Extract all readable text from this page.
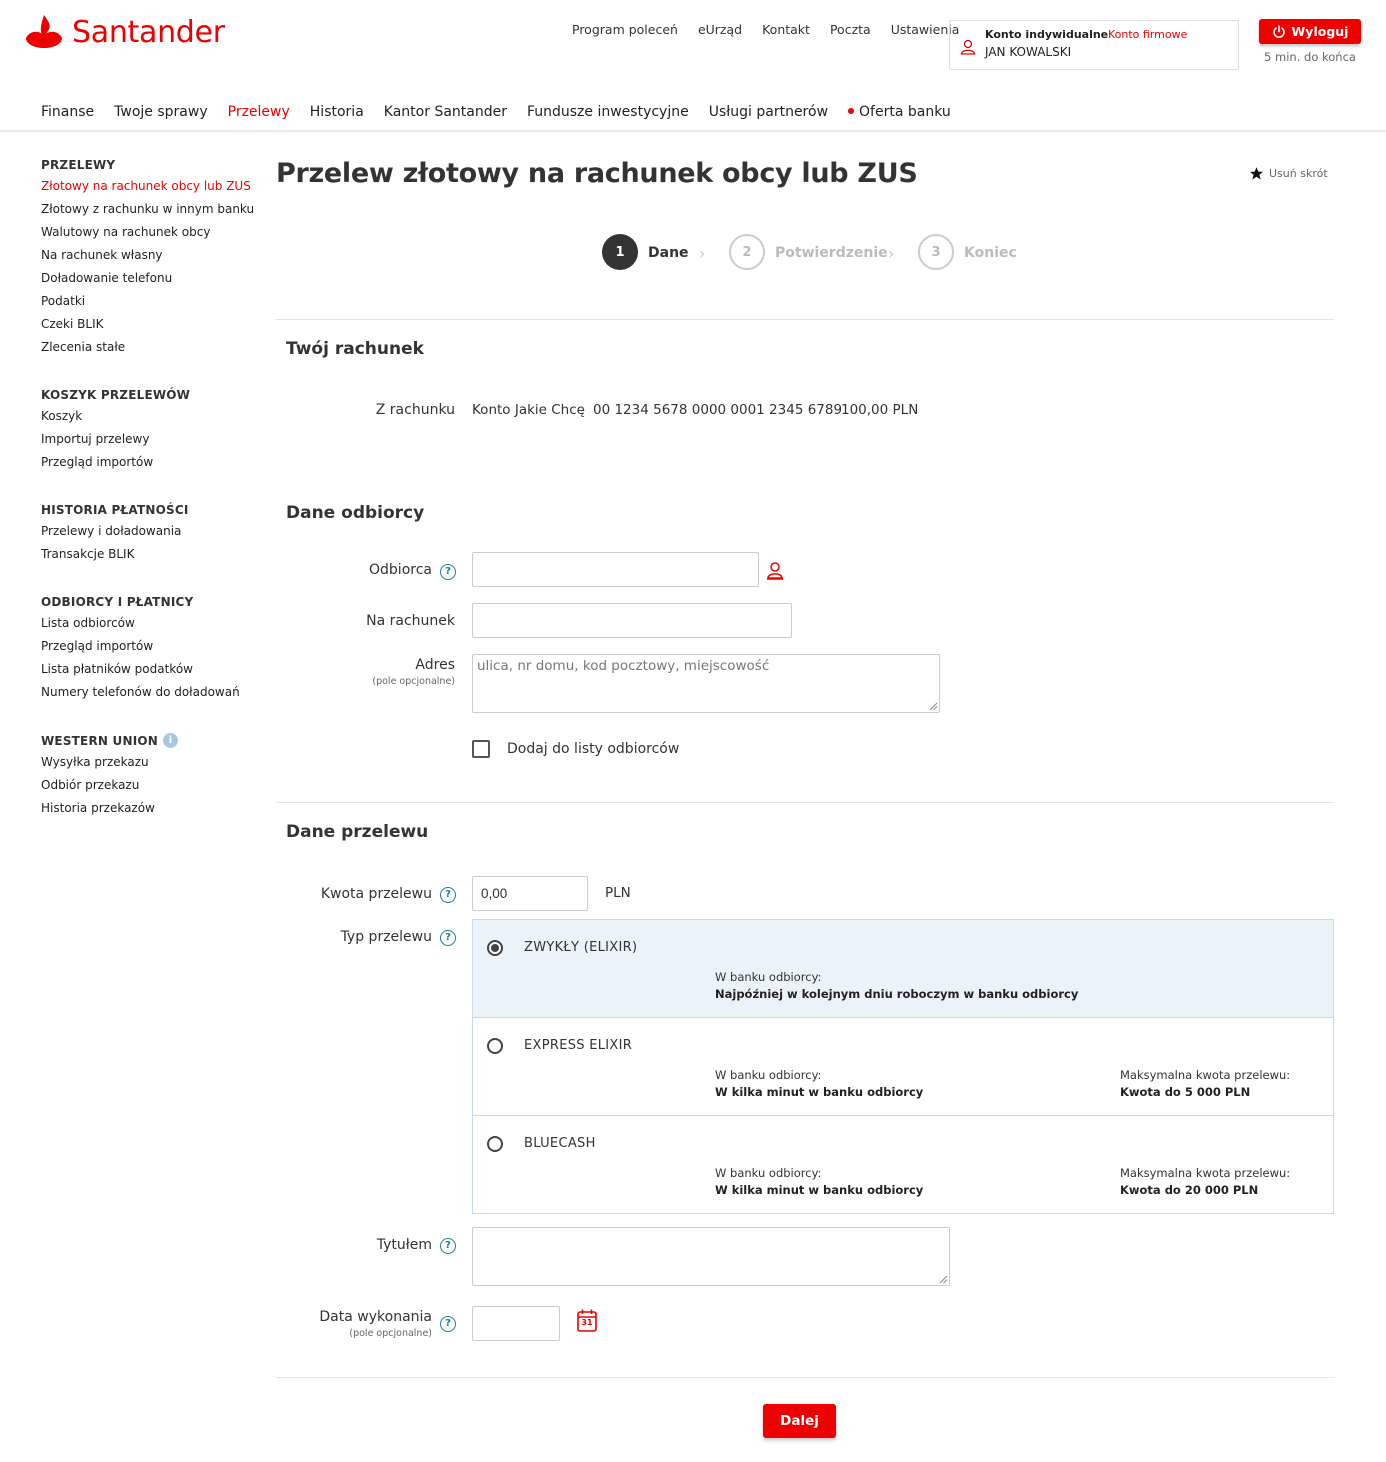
Santander	Program poleceń eUrząd Kontakt Poczta Ustawienia Konto indywidualne Konto firmowe
JAN KOWALSKI
Wyloguj
5 min. do końca
Finanse Twoje sprawy Przelewy Historia Kantor Santander Fundusze inwestycyjne Usługi partnerów	Oferta banku
PRZELEWY
Złotowy na rachunek obcy lub ZUS
Złotowy z rachunku w innym banku
Walutowy na rachunek obcy
Na rachunek własny
Doładowanie telefonu
Podatki
Czeki BLIK
Zlecenia stałe
KOSZYK PRZELEWÓW
Koszyk
Importuj przelewy
Przegląd importów
HISTORIA PŁATNOŚCI
Przelewy i doładowania
Transakcje BLIK
ODBIORCY I PŁATNICY
Lista odbiorców
Przegląd importów
Lista płatników podatków
Numery telefonów do doładowań
WESTERN UNION	i
Wysyłka przekazu
Odbiór przekazu
Historia przekazów
Przelew złotowy na rachunek obcy lub ZUS	Usuń skrót
1	Dane ›	2	Potwierdzenie ›	3	Koniec
Twój rachunek
Z rachunku Konto Jakie Chcę 00 1234 5678 0000 0001 2345 6789
100,00 PLN
Dane odbiorcy
Odbiorca	?
Na rachunek
Adres
(pole opcjonalne)
ulica, nr domu, kod pocztowy, miejscowość
Dodaj do listy odbiorców
Dane przelewu
Kwota przelewu	?
0,00	PLN
Typ przelewu	?
ZWYKŁY (ELIXIR)
W banku odbiorcy:
Najpóźniej w kolejnym dniu roboczym w banku odbiorcy
EXPRESS ELIXIR
W banku odbiorcy:
W kilka minut w banku odbiorcy
Maksymalna kwota przelewu:
Kwota do 5 000 PLN
BLUECASH
W banku odbiorcy:
W kilka minut w banku odbiorcy
Maksymalna kwota przelewu:
Kwota do 20 000 PLN
Tytułem	?
Data wykonania
(pole opcjonalne)
?	31
Dalej
